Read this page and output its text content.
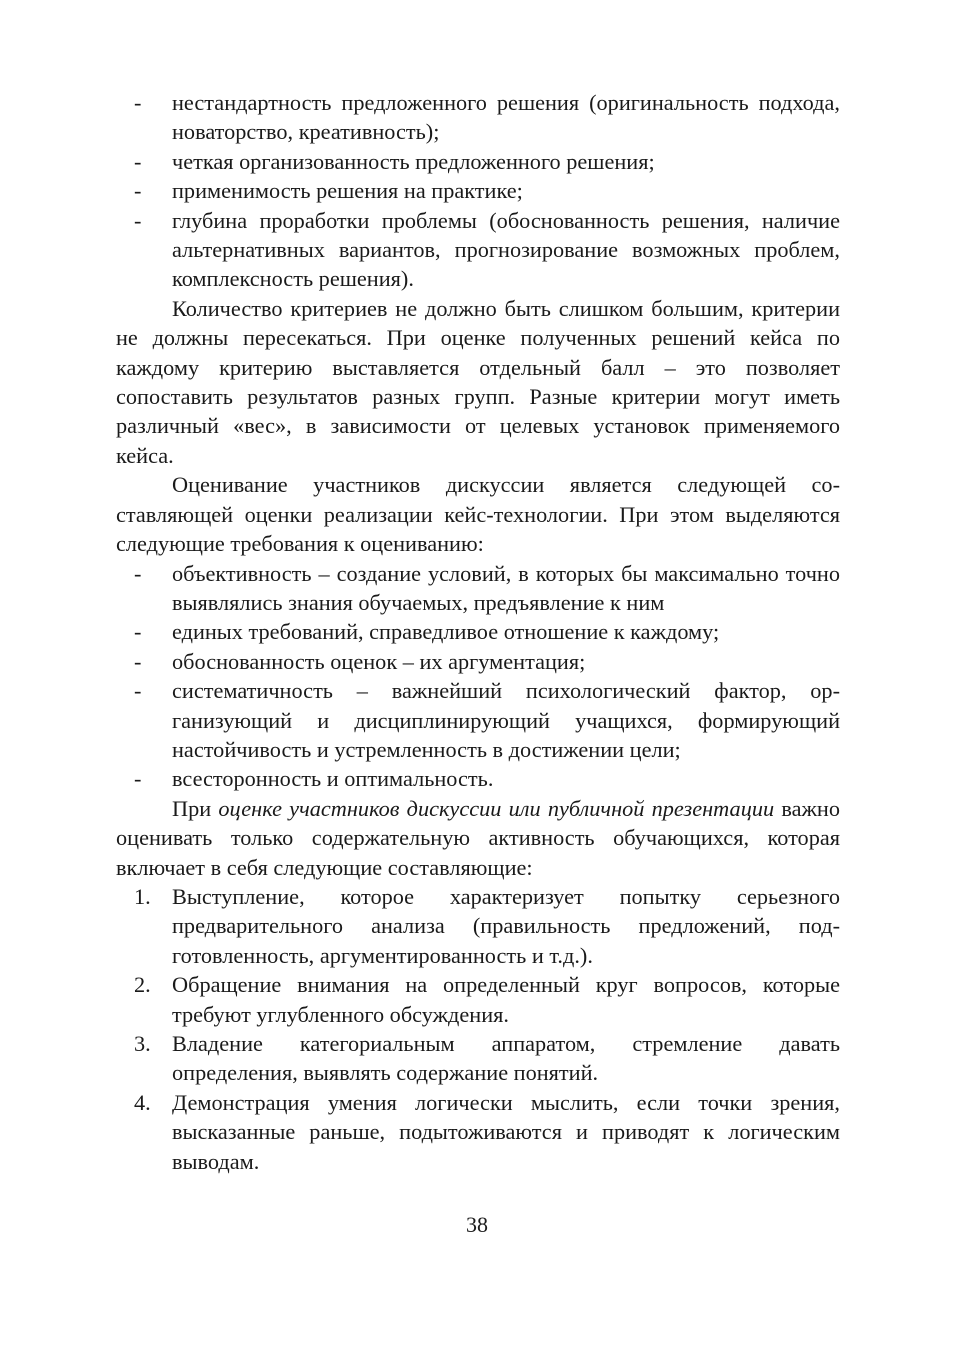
-	нестандартность предложенного решения (оригинальность подхода, новаторство, креативность);
-	четкая организованность предложенного решения;
-	применимость решения на практике;
-	глубина проработки проблемы (обоснованность решения, наличие альтернативных вариантов, прогнозирование возможных проблем, комплексность решения).

Количество критериев не должно быть слишком большим, критерии не должны пересекаться. При оценке полученных решений кейса по каждому критерию выставляется отдельный балл – это позволяет сопоставить результатов разных групп. Разные критерии могут иметь различный «вес», в зависимости от целевых установок применяемого кейса.

Оценивание участников дискуссии является следующей составляющей оценки реализации кейс-технологии. При этом выделяются следующие требования к оцениванию:

-	объективность – создание условий, в которых бы максимально точно выявлялись знания обучаемых, предъявление к ним
-	единых требований, справедливое отношение к каждому;
-	обоснованность оценок – их аргументация;
-	систематичность – важнейший психологический фактор, организующий и дисциплинирующий учащихся, формирующий настойчивость и устремленность в достижении цели;
-	всесторонность и оптимальность.

При оценке участников дискуссии или публичной презентации важно оценивать только содержательную активность обучающихся, которая включает в себя следующие составляющие:

1. Выступление, которое характеризует попытку серьезного предварительного анализа (правильность предложений, подготовленность, аргументированность и т.д.).
2. Обращение внимания на определенный круг вопросов, которые требуют углубленного обсуждения.
3. Владение категориальным аппаратом, стремление давать определения, выявлять содержание понятий.
4. Демонстрация умения логически мыслить, если точки зрения, высказанные раньше, подытоживаются и приводят к логическим выводам.
38
